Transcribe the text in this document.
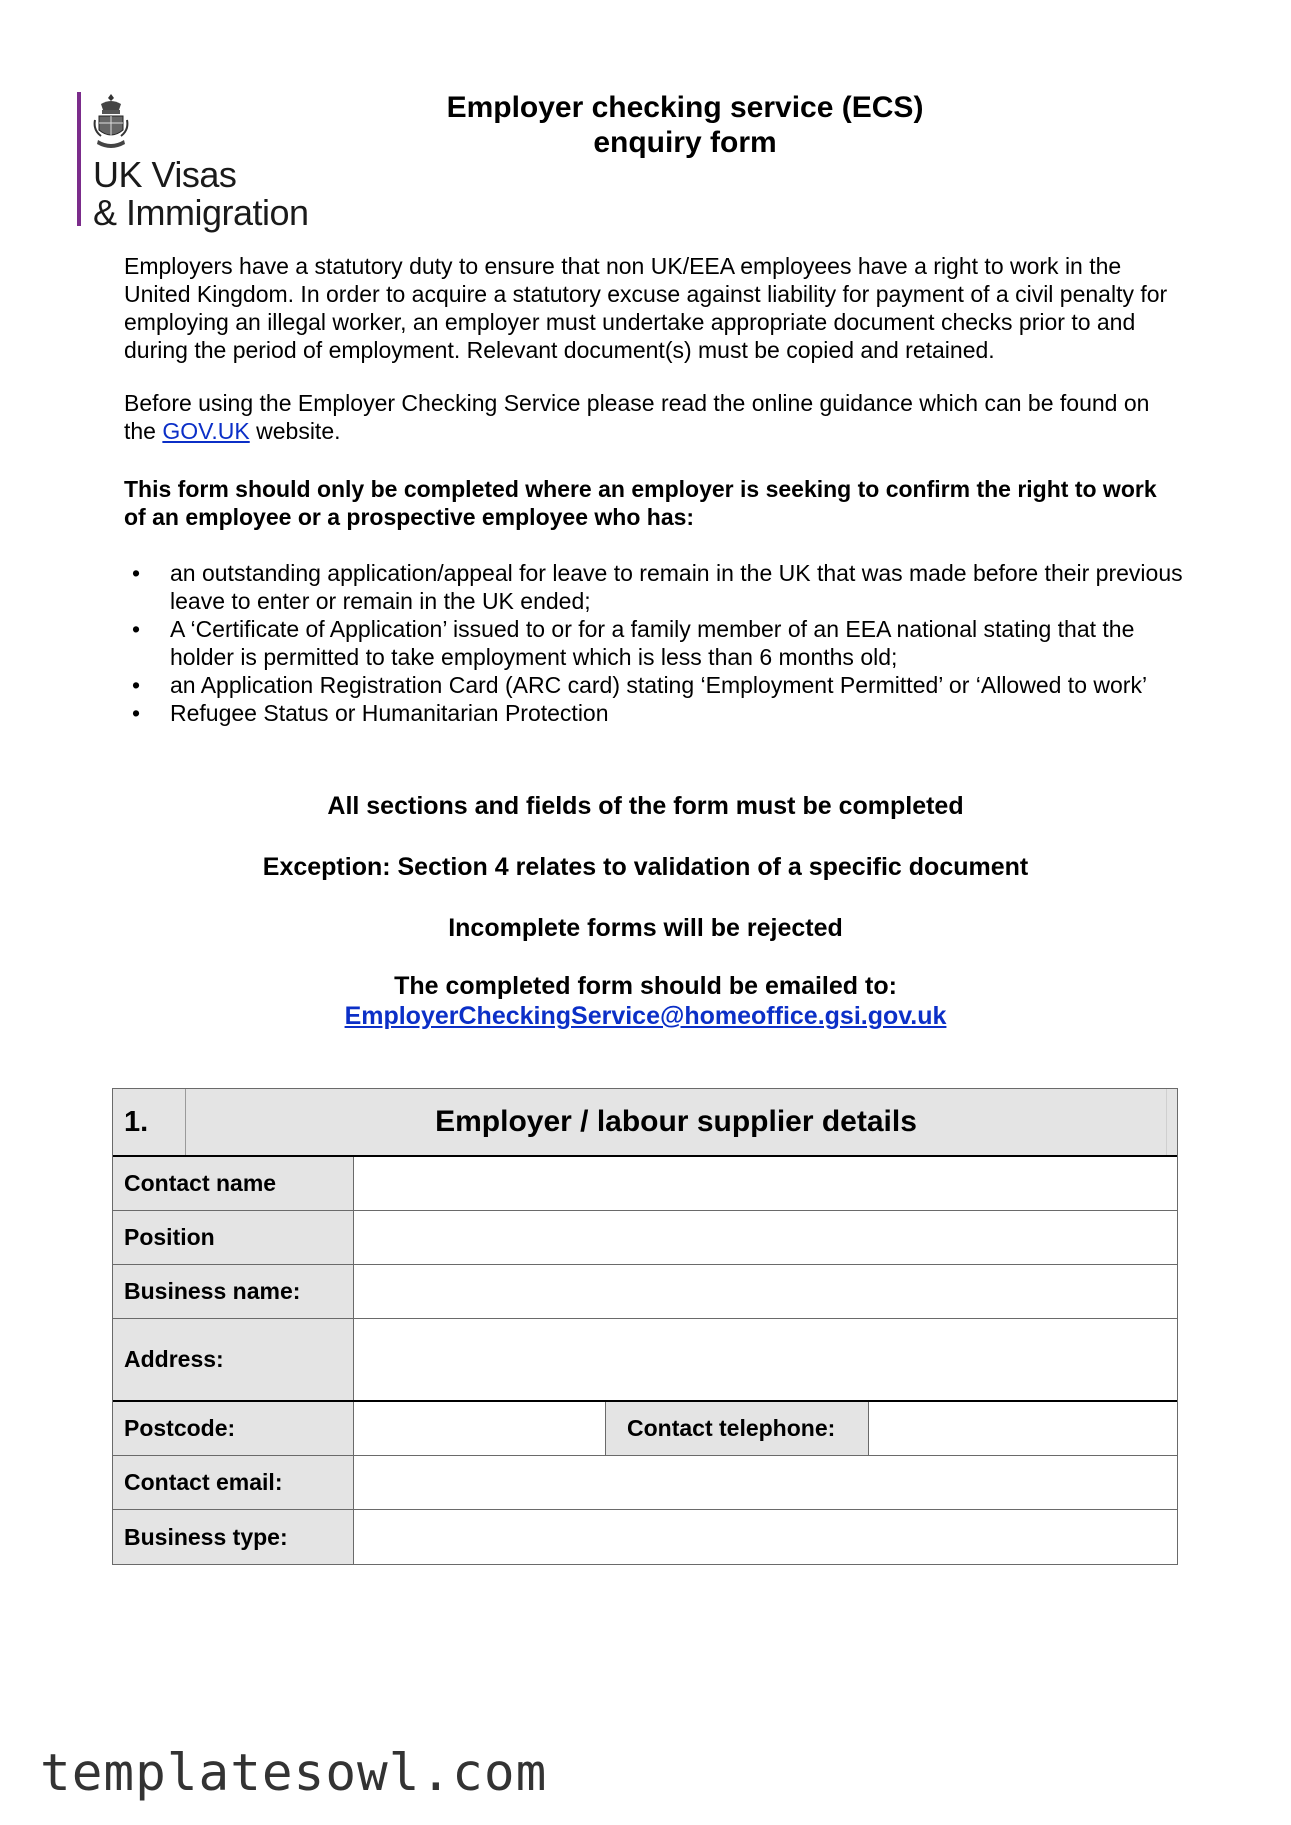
UK Visas
& Immigration
Employer checking service (ECS)
enquiry form
Employers have a statutory duty to ensure that non UK/EEA employees have a right to work in the United Kingdom. In order to acquire a statutory excuse against liability for payment of a civil penalty for employing an illegal worker, an employer must undertake appropriate document checks prior to and during the period of employment. Relevant document(s) must be copied and retained.
Before using the Employer Checking Service please read the online guidance which can be found on the GOV.UK website.
This form should only be completed where an employer is seeking to confirm the right to work of an employee or a prospective employee who has:
• an outstanding application/appeal for leave to remain in the UK that was made before their previous leave to enter or remain in the UK ended;
• A ‘Certificate of Application’ issued to or for a family member of an EEA national stating that the holder is permitted to take employment which is less than 6 months old;
• an Application Registration Card (ARC card) stating ‘Employment Permitted’ or ‘Allowed to work’
• Refugee Status or Humanitarian Protection
All sections and fields of the form must be completed
Exception: Section 4 relates to validation of a specific document
Incomplete forms will be rejected
The completed form should be emailed to:
EmployerCheckingService@homeoffice.gsi.gov.uk
1.	Employer / labour supplier details
Contact name
Position
Business name:
Address:
Postcode:	Contact telephone:
Contact email:
Business type:
templatesowl.com
